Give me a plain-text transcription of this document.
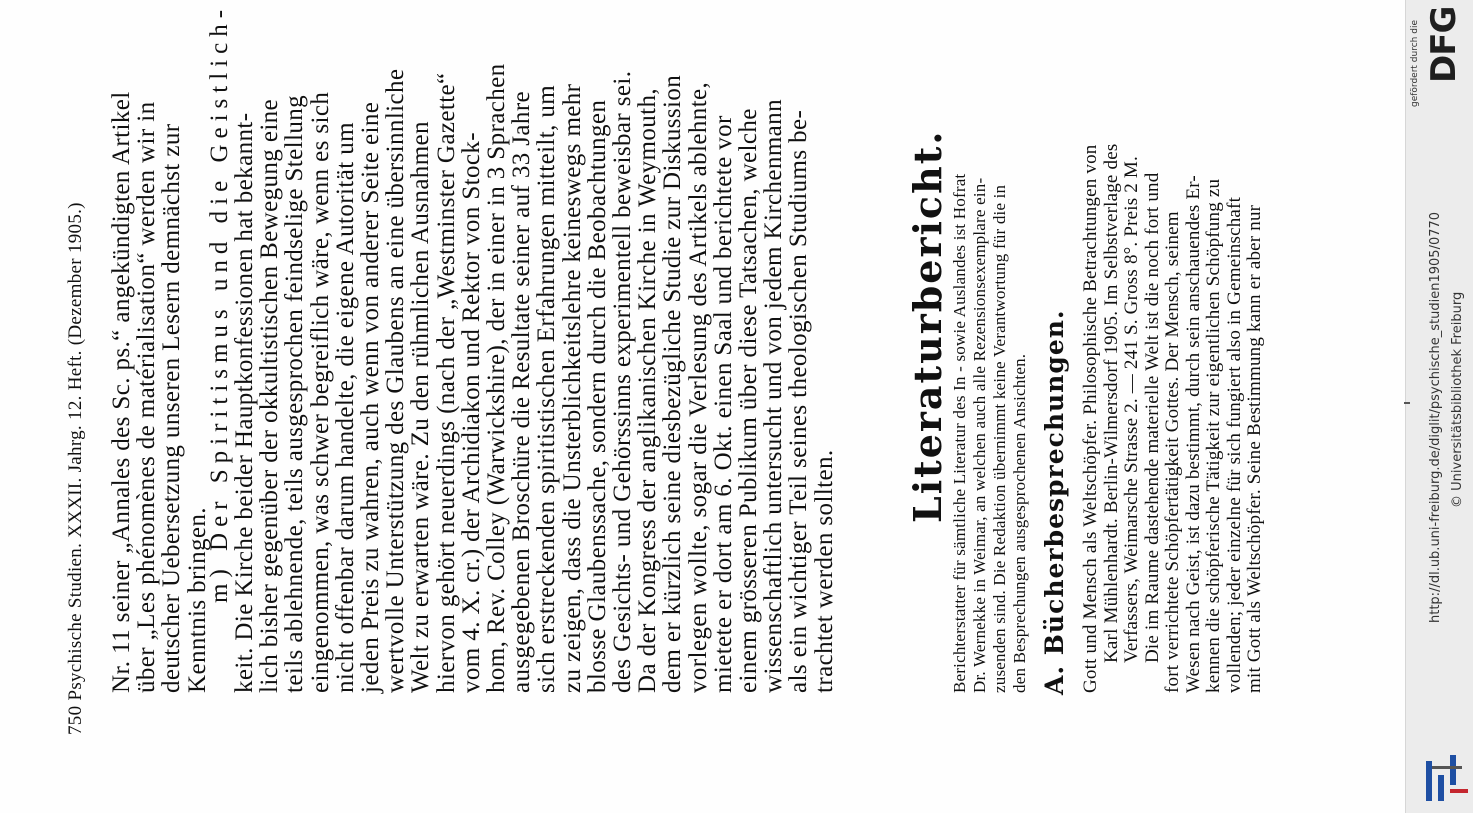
750 Psychische Studien. XXXII. Jahrg. 12. Heft. (Dezember 1905.) Nr. 11 seiner „Annales des Sc. ps.“ angekündigten Artikel
über „Les phénomènes de matérialisation“ werden wir in
deutscher Uebersetzung unseren Lesern demnächst zur
Kenntnis bringen.
m) Der Spiritismus und die Geistlich-
keit. Die Kirche beider Hauptkonfessionen hat bekannt-
lich bisher gegenüber der okkultistischen Bewegung eine
teils ablehnende, teils ausgesprochen feindselige Stellung
eingenommen, was schwer begreiflich wäre, wenn es sich
nicht offenbar darum handelte, die eigene Autorität um
jeden Preis zu wahren, auch wenn von anderer Seite eine
wertvolle Unterstützung des Glaubens an eine übersinnliche
Welt zu erwarten wäre. Zu den rühmlichen Ausnahmen
hiervon gehört neuerdings (nach der „Westminster Gazette“
vom 4. X. cr.) der Archidiakon und Rektor von Stock-
hom, Rev. Colley (Warwickshire), der in einer in 3 Sprachen
ausgegebenen Broschüre die Resultate seiner auf 33 Jahre
sich erstreckenden spiritistischen Erfahrungen mitteilt, um
zu zeigen, dass die Unsterblichkeitslehre keineswegs mehr
blosse Glaubenssache, sondern durch die Beobachtungen
des Gesichts- und Gehörssinns experimentell beweisbar sei.
Da der Kongress der anglikanischen Kirche in Weymouth,
dem er kürzlich seine diesbezügliche Studie zur Diskussion
vorlegen wollte, sogar die Verlesung des Artikels ablehnte,
mietete er dort am 6. Okt. einen Saal und berichtete vor
einem grösseren Publikum über diese Tatsachen, welche
wissenschaftlich untersucht und von jedem Kirchenmann
als ein wichtiger Teil seines theologischen Studiums be-
trachtet werden sollten.
Literaturbericht. Berichterstatter für sämtliche Literatur des In - sowie Auslandes ist Hofrat Dr. Wernekke in Weimar, an welchen auch alle Rezensionsexemplare ein- zusenden sind. Die Redaktion übernimmt keine Verantwortung für die in den Besprechungen ausgesprochenen Ansichten. A. Bücherbesprechungen. Gott und Mensch als Weltschöpfer. Philosophische Betrachtungen von Karl Mühlenhardt. Berlin-Wilmersdorf 1905. Im Selbstverlage des Verfassers, Weimarsche Strasse 2. — 241 S. Gross 8°. Preis 2 M. Die im Raume dastehende materielle Welt ist die noch fort und fort verrichtete Schöpfertätigkeit Gottes. Der Mensch, seinem Wesen nach Geist, ist dazu bestimmt, durch sein anschauendes Er- kennen die schöpferische Tätigkeit zur eigentlichen Schöpfung zu vollenden; jeder einzelne für sich fungiert also in Gemeinschaft mit Gott als Weltschöpfer. Seine Bestimmung kann er aber nur	http://dl.ub.uni-freiburg.de/diglit/psychische_studien1905/0770 © Universitätsbibliothek Freiburg
gefördert durch die DFG
